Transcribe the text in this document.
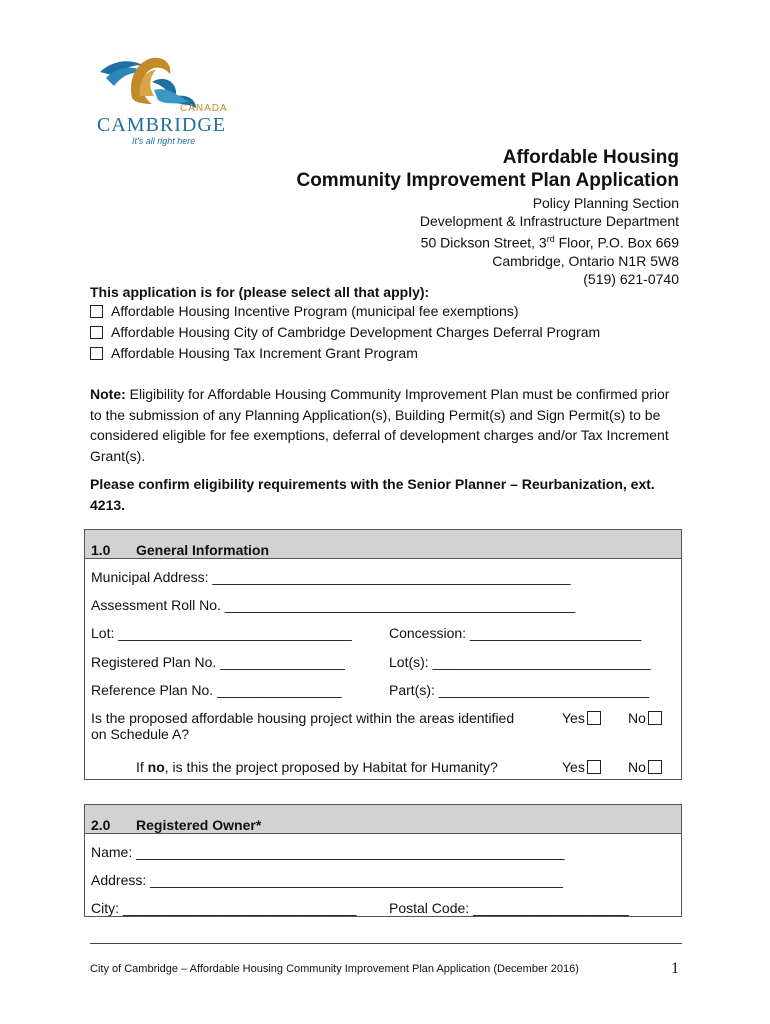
CANADA
CAMBRIDGE
It's all right here
Affordable Housing
Community Improvement Plan Application
Policy Planning Section
Development & Infrastructure Department
50 Dickson Street, 3rd Floor, P.O. Box 669
Cambridge, Ontario N1R 5W8
(519) 621-0740
This application is for (please select all that apply):
Affordable Housing Incentive Program (municipal fee exemptions)
Affordable Housing City of Cambridge Development Charges Deferral Program
Affordable Housing Tax Increment Grant Program
Note: Eligibility for Affordable Housing Community Improvement Plan must be confirmed prior to the submission of any Planning Application(s), Building Permit(s) and Sign Permit(s) to be considered eligible for fee exemptions, deferral of development charges and/or Tax Increment Grant(s).
Please confirm eligibility requirements with the Senior Planner – Reurbanization, ext. 4213.
1.0 General Information
Municipal Address: ______________________________________________
Assessment Roll No. _____________________________________________
Lot: ______________________________	Concession: ______________________
Registered Plan No. ________________	Lot(s): ____________________________
Reference Plan No. ________________	Part(s): ___________________________
Is the proposed affordable housing project within the areas identified
on Schedule A?
Yes	No
If no, is this the project proposed by Habitat for Humanity?	Yes	No
2.0 Registered Owner*
Name: _______________________________________________________
Address: _____________________________________________________
City: ______________________________ Postal Code: ____________________
City of Cambridge – Affordable Housing Community Improvement Plan Application (December 2016)	1
